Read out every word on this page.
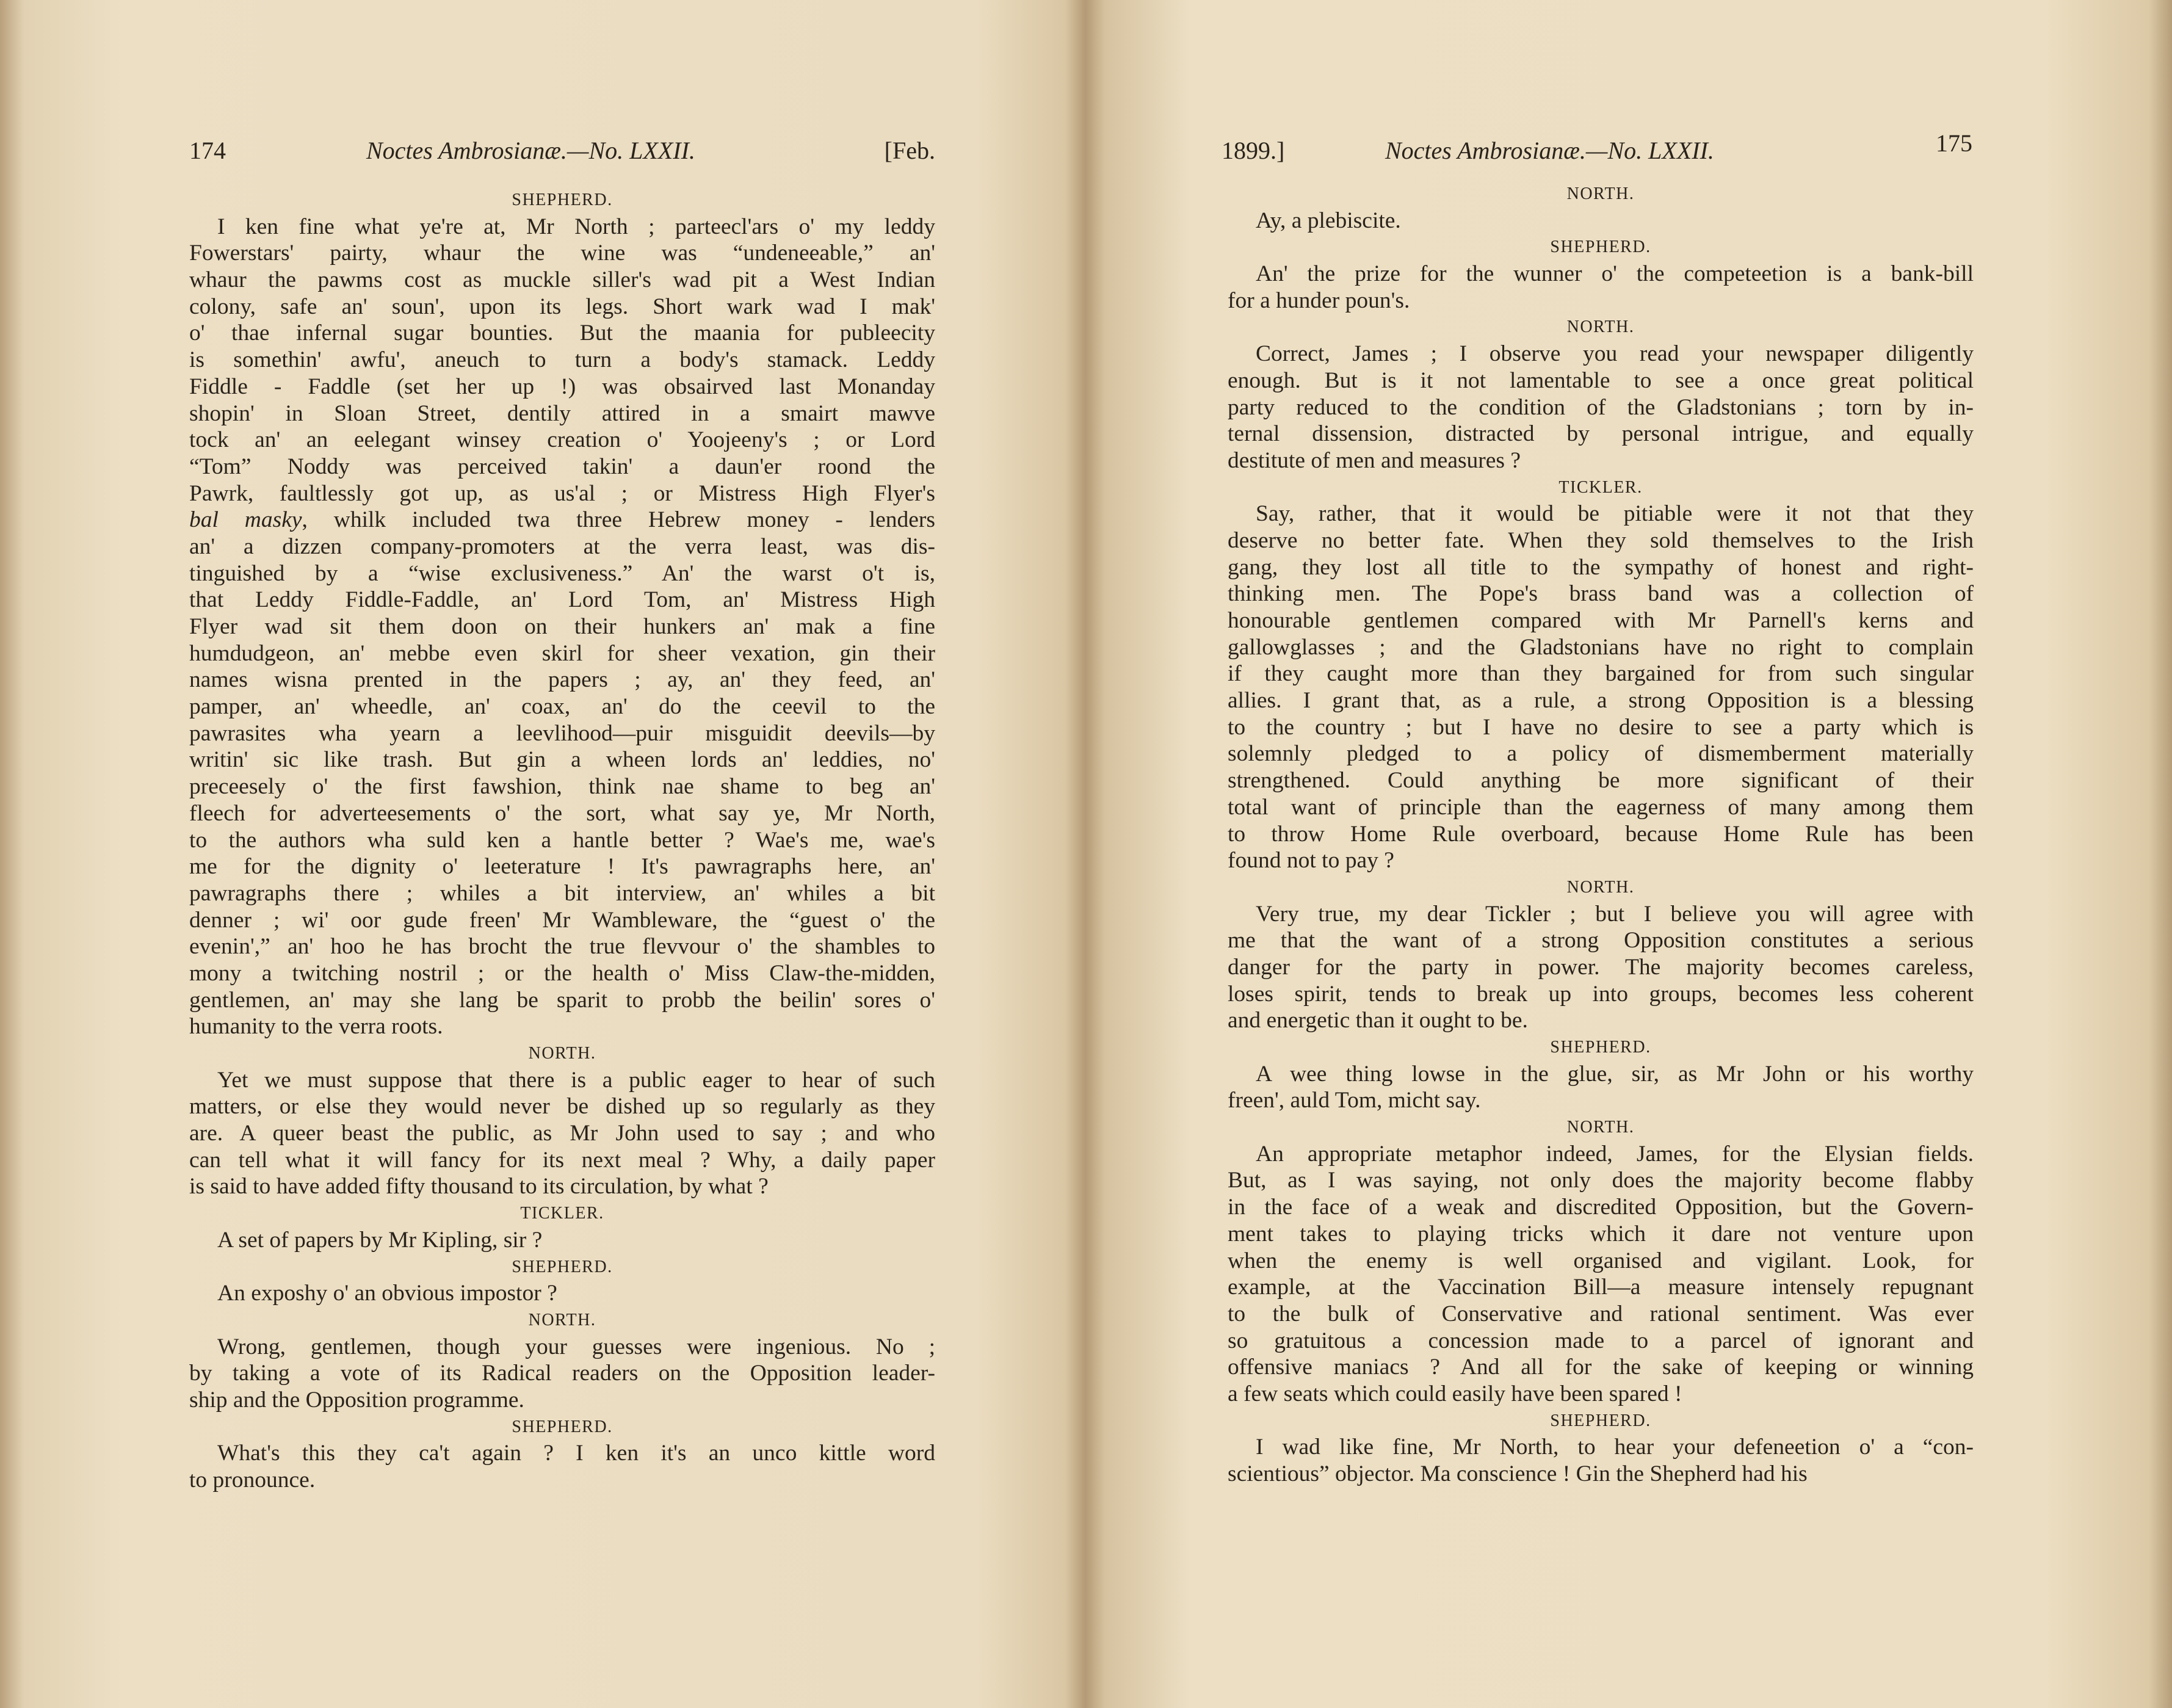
174	Noctes Ambrosianæ.—No. LXXII.	[Feb.
SHEPHERD.
I ken fine what ye're at, Mr North ; parteecl'ars o' my leddy
Fowerstars' pairty, whaur the wine was “undeneeable,” an'
whaur the pawms cost as muckle siller's wad pit a West Indian
colony, safe an' soun', upon its legs. Short wark wad I mak'
o' thae infernal sugar bounties. But the maania for publeecity
is somethin' awfu', aneuch to turn a body's stamack. Leddy
Fiddle - Faddle (set her up !) was obsairved last Monanday
shopin' in Sloan Street, dentily attired in a smairt mawve
tock an' an eelegant winsey creation o' Yoojeeny's ; or Lord
“Tom” Noddy was perceived takin' a daun'er roond the
Pawrk, faultlessly got up, as us'al ; or Mistress High Flyer's
bal masky, whilk included twa three Hebrew money - lenders
an' a dizzen company-promoters at the verra least, was dis-
tinguished by a “wise exclusiveness.” An' the warst o't is,
that Leddy Fiddle-Faddle, an' Lord Tom, an' Mistress High
Flyer wad sit them doon on their hunkers an' mak a fine
humdudgeon, an' mebbe even skirl for sheer vexation, gin their
names wisna prented in the papers ; ay, an' they feed, an'
pamper, an' wheedle, an' coax, an' do the ceevil to the
pawrasites wha yearn a leevlihood—puir misguidit deevils—by
writin' sic like trash. But gin a wheen lords an' leddies, no'
preceesely o' the first fawshion, think nae shame to beg an'
fleech for adverteesements o' the sort, what say ye, Mr North,
to the authors wha suld ken a hantle better ? Wae's me, wae's
me for the dignity o' leeterature ! It's pawragraphs here, an'
pawragraphs there ; whiles a bit interview, an' whiles a bit
denner ; wi' oor gude freen' Mr Wambleware, the “guest o' the
evenin',” an' hoo he has brocht the true flevvour o' the shambles to
mony a twitching nostril ; or the health o' Miss Claw-the-midden,
gentlemen, an' may she lang be sparit to probb the beilin' sores o'
humanity to the verra roots.
NORTH.
Yet we must suppose that there is a public eager to hear of such
matters, or else they would never be dished up so regularly as they
are. A queer beast the public, as Mr John used to say ; and who
can tell what it will fancy for its next meal ? Why, a daily paper
is said to have added fifty thousand to its circulation, by what ?
TICKLER.
A set of papers by Mr Kipling, sir ?
SHEPHERD.
An exposhy o' an obvious impostor ?
NORTH.
Wrong, gentlemen, though your guesses were ingenious. No ;
by taking a vote of its Radical readers on the Opposition leader-
ship and the Opposition programme.
SHEPHERD.
What's this they ca't again ? I ken it's an unco kittle word
to pronounce.
1899.]	Noctes Ambrosianæ.—No. LXXII.	175
NORTH.
Ay, a plebiscite.
SHEPHERD.
An' the prize for the wunner o' the competeetion is a bank-bill
for a hunder poun's.
NORTH.
Correct, James ; I observe you read your newspaper diligently
enough. But is it not lamentable to see a once great political
party reduced to the condition of the Gladstonians ; torn by in-
ternal dissension, distracted by personal intrigue, and equally
destitute of men and measures ?
TICKLER.
Say, rather, that it would be pitiable were it not that they
deserve no better fate. When they sold themselves to the Irish
gang, they lost all title to the sympathy of honest and right-
thinking men. The Pope's brass band was a collection of
honourable gentlemen compared with Mr Parnell's kerns and
gallowglasses ; and the Gladstonians have no right to complain
if they caught more than they bargained for from such singular
allies. I grant that, as a rule, a strong Opposition is a blessing
to the country ; but I have no desire to see a party which is
solemnly pledged to a policy of dismemberment materially
strengthened. Could anything be more significant of their
total want of principle than the eagerness of many among them
to throw Home Rule overboard, because Home Rule has been
found not to pay ?
NORTH.
Very true, my dear Tickler ; but I believe you will agree with
me that the want of a strong Opposition constitutes a serious
danger for the party in power. The majority becomes careless,
loses spirit, tends to break up into groups, becomes less coherent
and energetic than it ought to be.
SHEPHERD.
A wee thing lowse in the glue, sir, as Mr John or his worthy
freen', auld Tom, micht say.
NORTH.
An appropriate metaphor indeed, James, for the Elysian fields.
But, as I was saying, not only does the majority become flabby
in the face of a weak and discredited Opposition, but the Govern-
ment takes to playing tricks which it dare not venture upon
when the enemy is well organised and vigilant. Look, for
example, at the Vaccination Bill—a measure intensely repugnant
to the bulk of Conservative and rational sentiment. Was ever
so gratuitous a concession made to a parcel of ignorant and
offensive maniacs ? And all for the sake of keeping or winning
a few seats which could easily have been spared !
SHEPHERD.
I wad like fine, Mr North, to hear your defeneetion o' a “con-
scientious” objector. Ma conscience ! Gin the Shepherd had his
